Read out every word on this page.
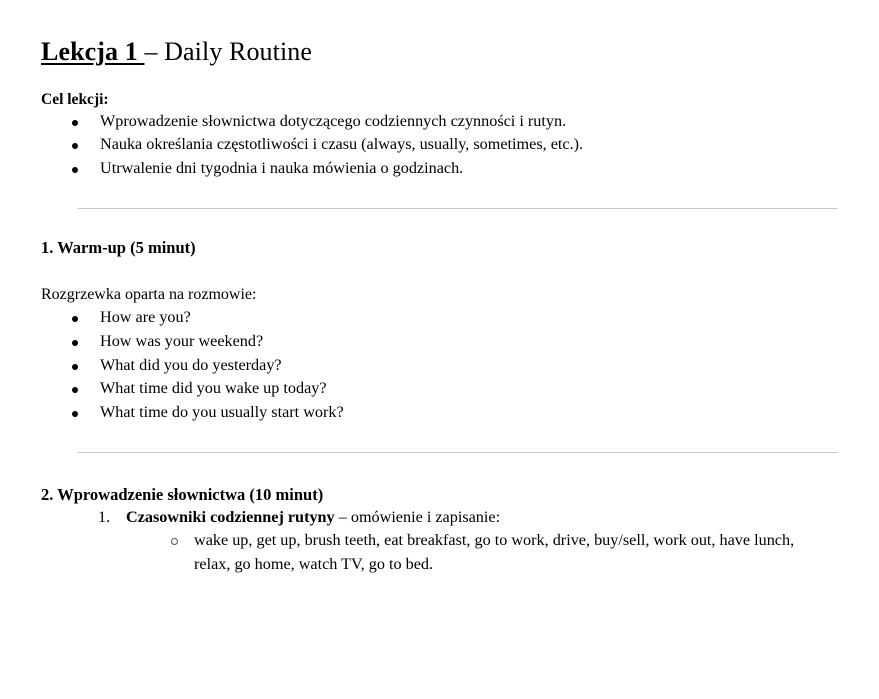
Lekcja 1 – Daily Routine

Cel lekcji:

Wprowadzenie słownictwa dotyczącego codziennych czynności i rutyn.
Nauka określania częstotliwości i czasu (always, usually, sometimes, etc.).
Utrwalenie dni tygodnia i nauka mówienia o godzinach.

1. Warm-up (5 minut)

Rozgrzewka oparta na rozmowie:

How are you?
How was your weekend?
What did you do yesterday?
What time did you wake up today?
What time do you usually start work?

2. Wprowadzenie słownictwa (10 minut)

1. Czasowniki codziennej rutyny – omówienie i zapisanie:
wake up, get up, brush teeth, eat breakfast, go to work, drive, buy/sell, work out, have lunch, relax, go home, watch TV, go to bed.
